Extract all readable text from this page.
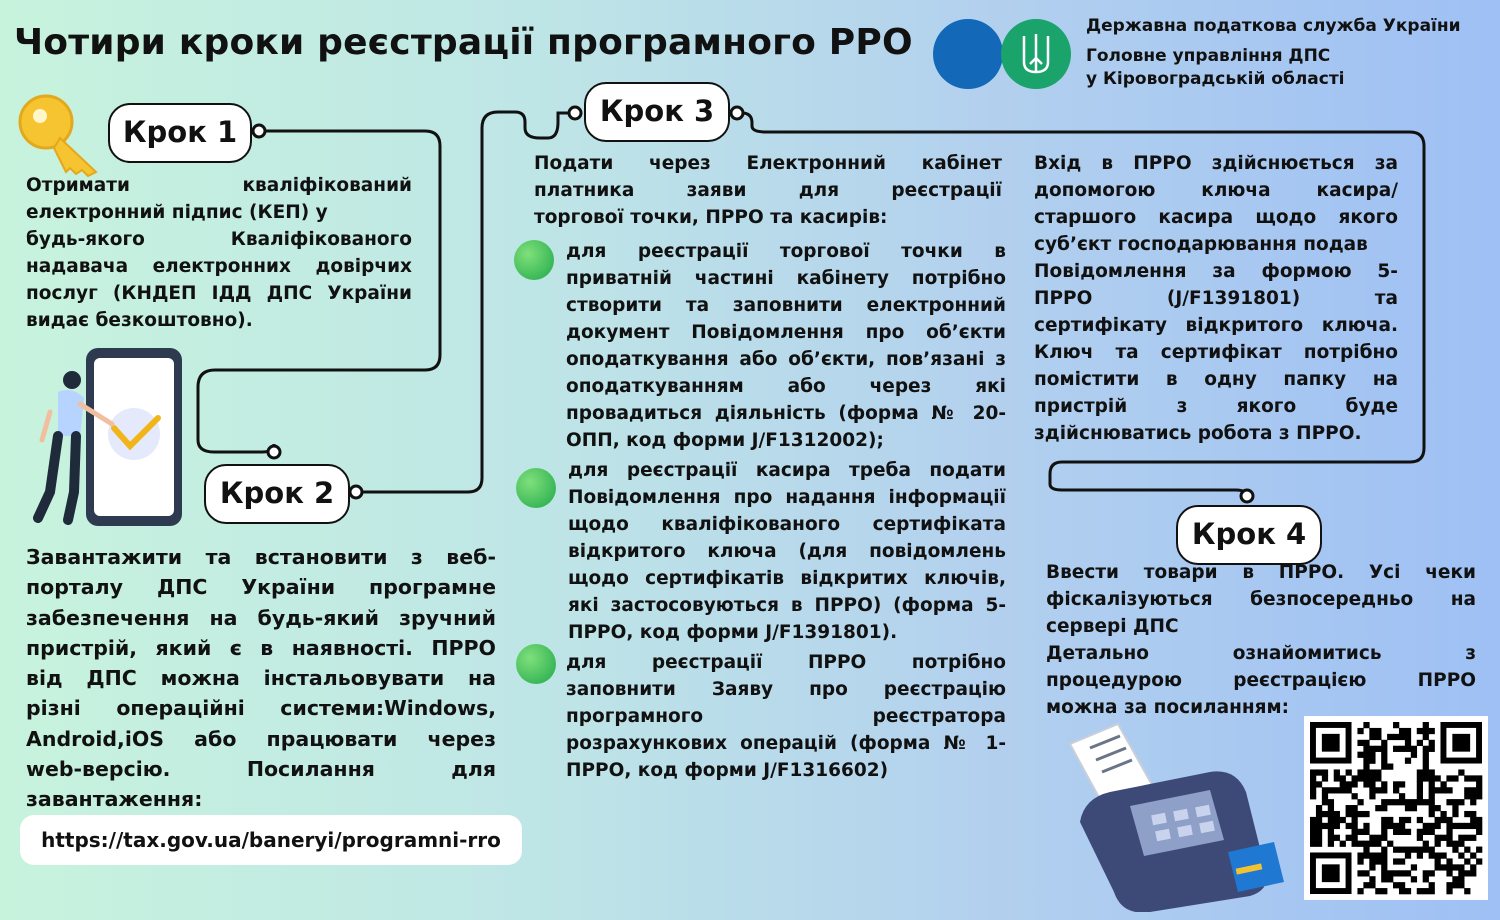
Чотири кроки реєстрації програмного РРО	Державна податкова служба України
Головне управління ДПС
у Кіровоградській області
Крок 1
Крок 2
Крок 3
Крок 4
Отримати кваліфікований
електронний підпис (КЕП) у
будь-якого Кваліфікованого
надавача електронних довірчих
послуг (КНДЕП ІДД ДПС України
видає безкоштовно).
Завантажити та встановити з веб-
порталу ДПС України програмне
забезпечення на будь-який зручний
пристрій, який є в наявності. ПРРО
від ДПС можна інстальовувати на
різні операційні системи:Windows,
Android,iOS або працювати через
web-версію. Посилання для
завантаження:
https://tax.gov.ua/baneryi/programni-rro
Подати через Електронний кабінет
платника заяви для реєстрації
торгової точки, ПРРО та касирів:
для реєстрації торгової точки в
приватній частині кабінету потрібно
створити та заповнити електронний
документ Повідомлення про об’єкти
оподаткування або об’єкти, пов’язані з
оподаткуванням або через які
провадиться діяльність (форма № 20-
ОПП, код форми J/F1312002);
для реєстрації касира треба подати
Повідомлення про надання інформації
щодо кваліфікованого сертифіката
відкритого ключа (для повідомлень
щодо сертифікатів відкритих ключів,
які застосовуються в ПРРО) (форма 5-
ПРРО, код форми J/F1391801).
для реєстрації ПРРО потрібно
заповнити Заяву про реєстрацію
програмного реєстратора
розрахункових операцій (форма № 1-
ПРРО, код форми J/F1316602)
Вхід в ПРРО здійснюється за
допомогою ключа касира/
старшого касира щодо якого
суб’єкт господарювання подав
Повідомлення за формою 5-
ПРРО (J/F1391801) та
сертифікату відкритого ключа.
Ключ та сертифікат потрібно
помістити в одну папку на
пристрій з якого буде
здійснюватись робота з ПРРО.
Ввести товари в ПРРО. Усі чеки
фіскалізуються безпосередньо на
сервері ДПС
Детально ознайомитись з
процедурою реєстрацією ПРРО
можна за посиланням:
